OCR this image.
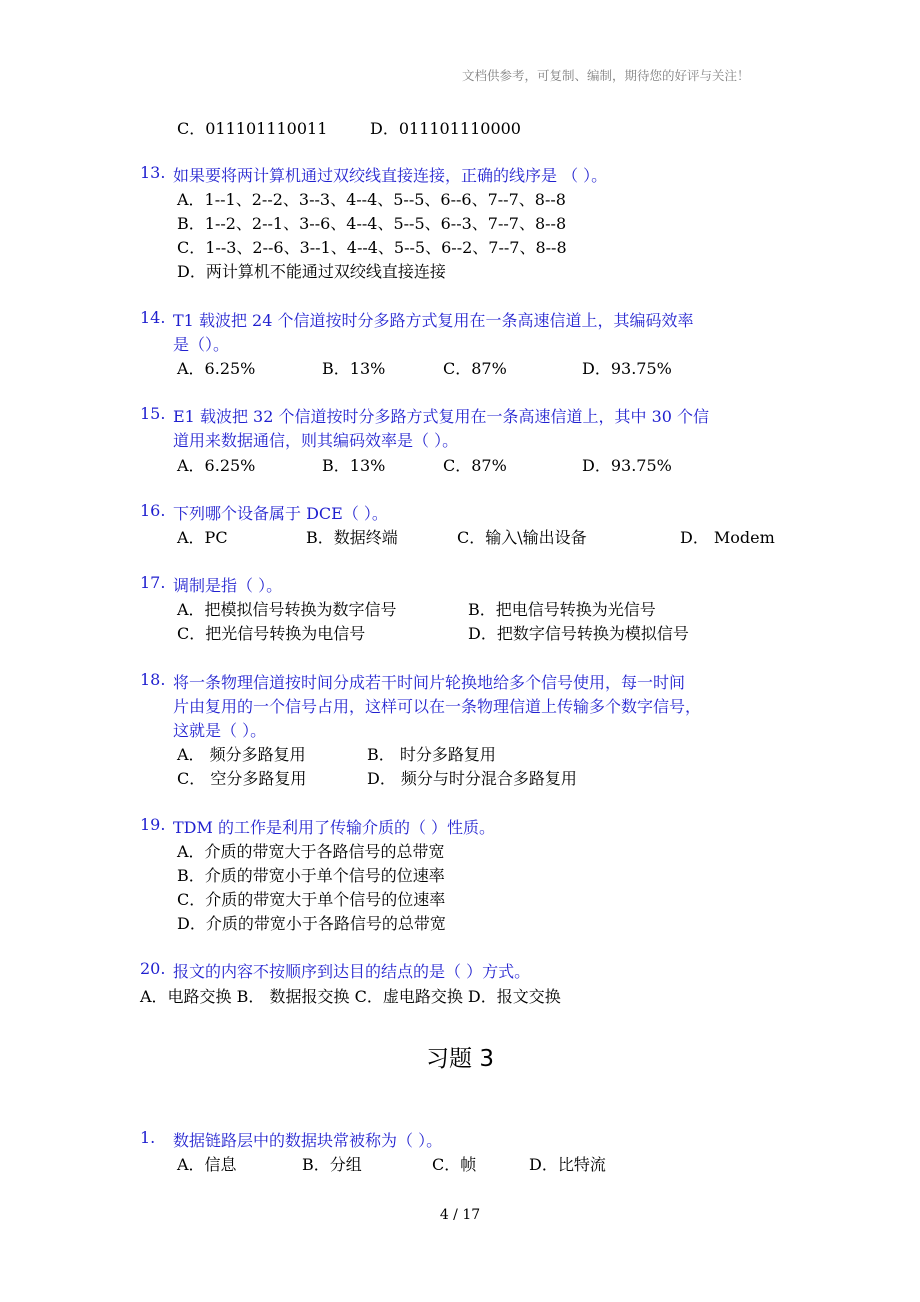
文档供参考，可复制、编制，期待您的好评与关注！
C．011101110011	D．011101110000
13. 如果要将两计算机通过双绞线直接连接，正确的线序是 （ ）。
A．1--1、2--2、3--3、4--4、5--5、6--6、7--7、8--8
B．1--2、2--1、3--6、4--4、5--5、6--3、7--7、8--8
C．1--3、2--6、3--1、4--4、5--5、6--2、7--7、8--8
D．两计算机不能通过双绞线直接连接
14. T1 载波把 24 个信道按时分多路方式复用在一条高速信道上，其编码效率
是（）。
A．6.25%	B．13%	C．87%	D．93.75%
15. E1 载波把 32 个信道按时分多路方式复用在一条高速信道上，其中 30 个信
道用来数据通信，则其编码效率是（ ）。
A．6.25%	B．13%	C．87%	D．93.75%
16. 下列哪个设备属于 DCE（ ）。
A．PC	B．数据终端	C．输入\输出设备	D． Modem
17. 调制是指（ ）。
A．把模拟信号转换为数字信号	B．把电信号转换为光信号
C．把光信号转换为电信号	D．把数字信号转换为模拟信号
18. 将一条物理信道按时间分成若干时间片轮换地给多个信号使用，每一时间
片由复用的一个信号占用，这样可以在一条物理信道上传输多个数字信号，
这就是（ ）。
A． 频分多路复用	B． 时分多路复用
C． 空分多路复用	D． 频分与时分混合多路复用
19. TDM 的工作是利用了传输介质的（ ）性质。
A．介质的带宽大于各路信号的总带宽
B．介质的带宽小于单个信号的位速率
C．介质的带宽大于单个信号的位速率
D．介质的带宽小于各路信号的总带宽
20. 报文的内容不按顺序到达目的结点的是（ ）方式。
A．电路交换 B． 数据报交换 C．虚电路交换 D．报文交换
习题 3
1. 数据链路层中的数据块常被称为（ ）。
A．信息	B．分组	C．帧	D．比特流
4 / 17
